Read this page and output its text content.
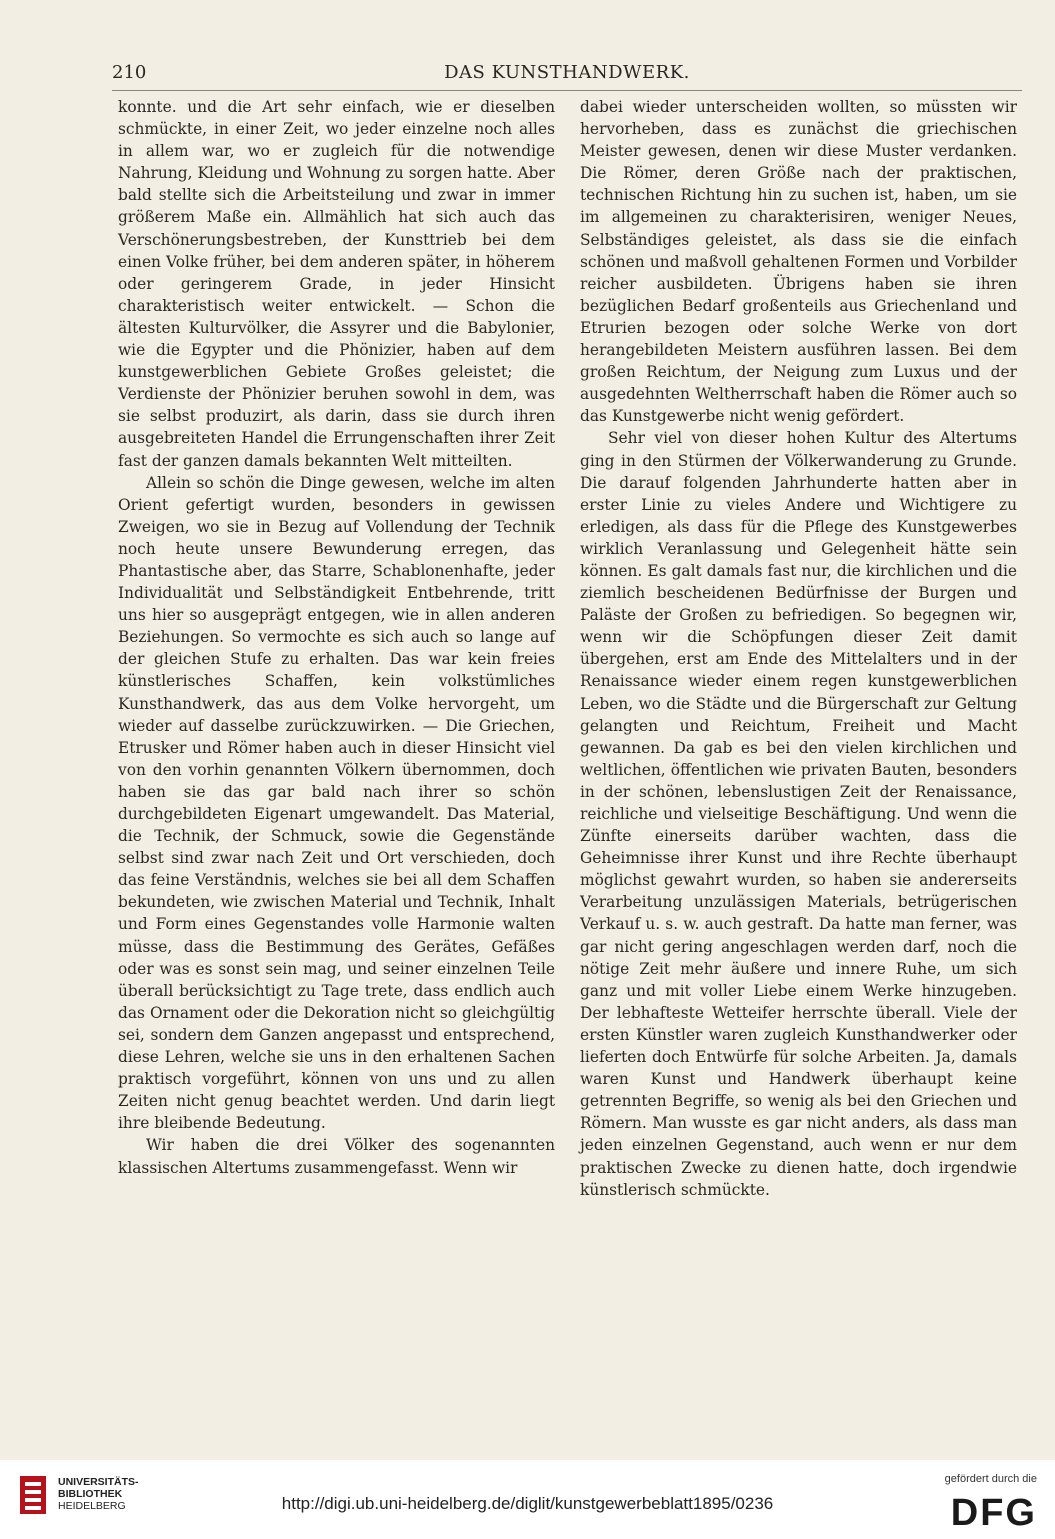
210	DAS KUNSTHANDWERK.

konnte. und die Art sehr einfach, wie er dieselben schmückte, in einer Zeit, wo jeder einzelne noch alles in allem war, wo er zugleich für die notwendige Nahrung, Kleidung und Wohnung zu sorgen hatte. Aber bald stellte sich die Arbeitsteilung und zwar in immer größerem Maße ein. Allmählich hat sich auch das Verschönerungsbestreben, der Kunsttrieb bei dem einen Volke früher, bei dem anderen später, in höherem oder geringerem Grade, in jeder Hinsicht charakteristisch weiter entwickelt. — Schon die ältesten Kulturvölker, die Assyrer und die Babylonier, wie die Egypter und die Phönizier, haben auf dem kunstgewerblichen Gebiete Großes geleistet; die Verdienste der Phönizier beruhen sowohl in dem, was sie selbst produzirt, als darin, dass sie durch ihren ausgebreiteten Handel die Errungenschaften ihrer Zeit fast der ganzen damals bekannten Welt mitteilten.

Allein so schön die Dinge gewesen, welche im alten Orient gefertigt wurden, besonders in gewissen Zweigen, wo sie in Bezug auf Vollendung der Technik noch heute unsere Bewunderung erregen, das Phantastische aber, das Starre, Schablonenhafte, jeder Individualität und Selbständigkeit Entbehrende, tritt uns hier so ausgeprägt entgegen, wie in allen anderen Beziehungen. So vermochte es sich auch so lange auf der gleichen Stufe zu erhalten. Das war kein freies künstlerisches Schaffen, kein volkstümliches Kunsthandwerk, das aus dem Volke hervorgeht, um wieder auf dasselbe zurückzuwirken. — Die Griechen, Etrusker und Römer haben auch in dieser Hinsicht viel von den vorhin genannten Völkern übernommen, doch haben sie das gar bald nach ihrer so schön durchgebildeten Eigenart umgewandelt. Das Material, die Technik, der Schmuck, sowie die Gegenstände selbst sind zwar nach Zeit und Ort verschieden, doch das feine Verständnis, welches sie bei all dem Schaffen bekundeten, wie zwischen Material und Technik, Inhalt und Form eines Gegenstandes volle Harmonie walten müsse, dass die Bestimmung des Gerätes, Gefäßes oder was es sonst sein mag, und seiner einzelnen Teile überall berücksichtigt zu Tage trete, dass endlich auch das Ornament oder die Dekoration nicht so gleichgültig sei, sondern dem Ganzen angepasst und entsprechend, diese Lehren, welche sie uns in den erhaltenen Sachen praktisch vorgeführt, können von uns und zu allen Zeiten nicht genug beachtet werden. Und darin liegt ihre bleibende Bedeutung.

Wir haben die drei Völker des sogenannten klassischen Altertums zusammengefasst. Wenn wir

dabei wieder unterscheiden wollten, so müssten wir hervorheben, dass es zunächst die griechischen Meister gewesen, denen wir diese Muster verdanken. Die Römer, deren Größe nach der praktischen, technischen Richtung hin zu suchen ist, haben, um sie im allgemeinen zu charakterisiren, weniger Neues, Selbständiges geleistet, als dass sie die einfach schönen und maßvoll gehaltenen Formen und Vorbilder reicher ausbildeten. Übrigens haben sie ihren bezüglichen Bedarf großenteils aus Griechenland und Etrurien bezogen oder solche Werke von dort herangebildeten Meistern ausführen lassen. Bei dem großen Reichtum, der Neigung zum Luxus und der ausgedehnten Weltherrschaft haben die Römer auch so das Kunstgewerbe nicht wenig gefördert.

Sehr viel von dieser hohen Kultur des Altertums ging in den Stürmen der Völkerwanderung zu Grunde. Die darauf folgenden Jahrhunderte hatten aber in erster Linie zu vieles Andere und Wichtigere zu erledigen, als dass für die Pflege des Kunstgewerbes wirklich Veranlassung und Gelegenheit hätte sein können. Es galt damals fast nur, die kirchlichen und die ziemlich bescheidenen Bedürfnisse der Burgen und Paläste der Großen zu befriedigen. So begegnen wir, wenn wir die Schöpfungen dieser Zeit damit übergehen, erst am Ende des Mittelalters und in der Renaissance wieder einem regen kunstgewerblichen Leben, wo die Städte und die Bürgerschaft zur Geltung gelangten und Reichtum, Freiheit und Macht gewannen. Da gab es bei den vielen kirchlichen und weltlichen, öffentlichen wie privaten Bauten, besonders in der schönen, lebenslustigen Zeit der Renaissance, reichliche und vielseitige Beschäftigung. Und wenn die Zünfte einerseits darüber wachten, dass die Geheimnisse ihrer Kunst und ihre Rechte überhaupt möglichst gewahrt wurden, so haben sie andererseits Verarbeitung unzulässigen Materials, betrügerischen Verkauf u. s. w. auch gestraft. Da hatte man ferner, was gar nicht gering angeschlagen werden darf, noch die nötige Zeit mehr äußere und innere Ruhe, um sich ganz und mit voller Liebe einem Werke hinzugeben. Der lebhafteste Wetteifer herrschte überall. Viele der ersten Künstler waren zugleich Kunsthandwerker oder lieferten doch Entwürfe für solche Arbeiten. Ja, damals waren Kunst und Handwerk überhaupt keine getrennten Begriffe, so wenig als bei den Griechen und Römern. Man wusste es gar nicht anders, als dass man jeden einzelnen Gegenstand, auch wenn er nur dem praktischen Zwecke zu dienen hatte, doch irgendwie künstlerisch schmückte.

UNIVERSITÄTS-
BIBLIOTHEK
HEIDELBERG	http://digi.ub.uni-heidelberg.de/diglit/kunstgewerbeblatt1895/0236
gefördert durch die
DFG
